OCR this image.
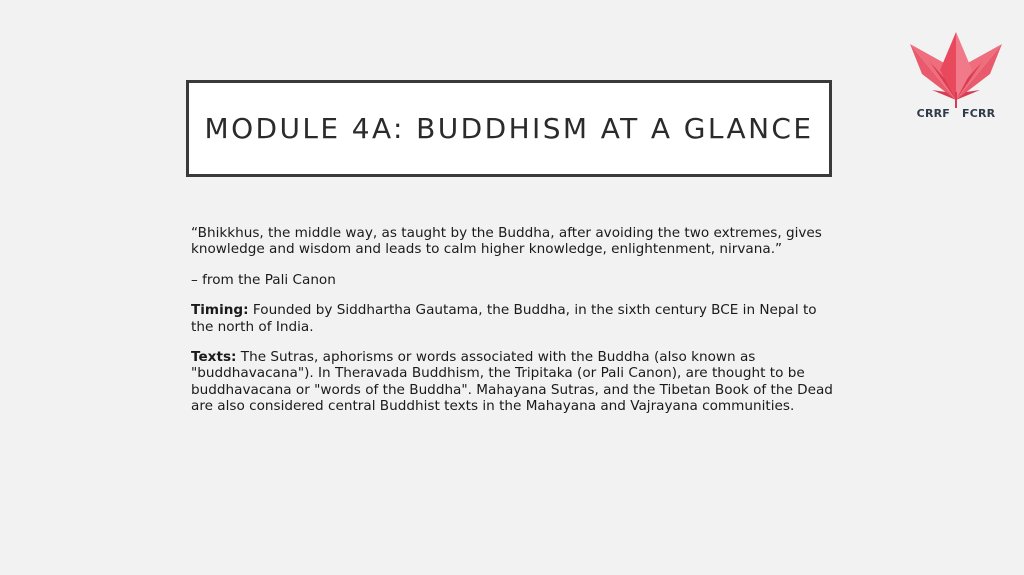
MODULE 4A: BUDDHISM AT A GLANCE	CRRF FCRR

“Bhikkhus, the middle way, as taught by the Buddha, after avoiding the two extremes, gives knowledge and wisdom and leads to calm higher knowledge, enlightenment, nirvana.”

– from the Pali Canon

Timing: Founded by Siddhartha Gautama, the Buddha, in the sixth century BCE in Nepal to the north of India.

Texts: The Sutras, aphorisms or words associated with the Buddha (also known as "buddhavacana"). In Theravada Buddhism, the Tripitaka (or Pali Canon), are thought to be buddhavacana or "words of the Buddha". Mahayana Sutras, and the Tibetan Book of the Dead are also considered central Buddhist texts in the Mahayana and Vajrayana communities.
